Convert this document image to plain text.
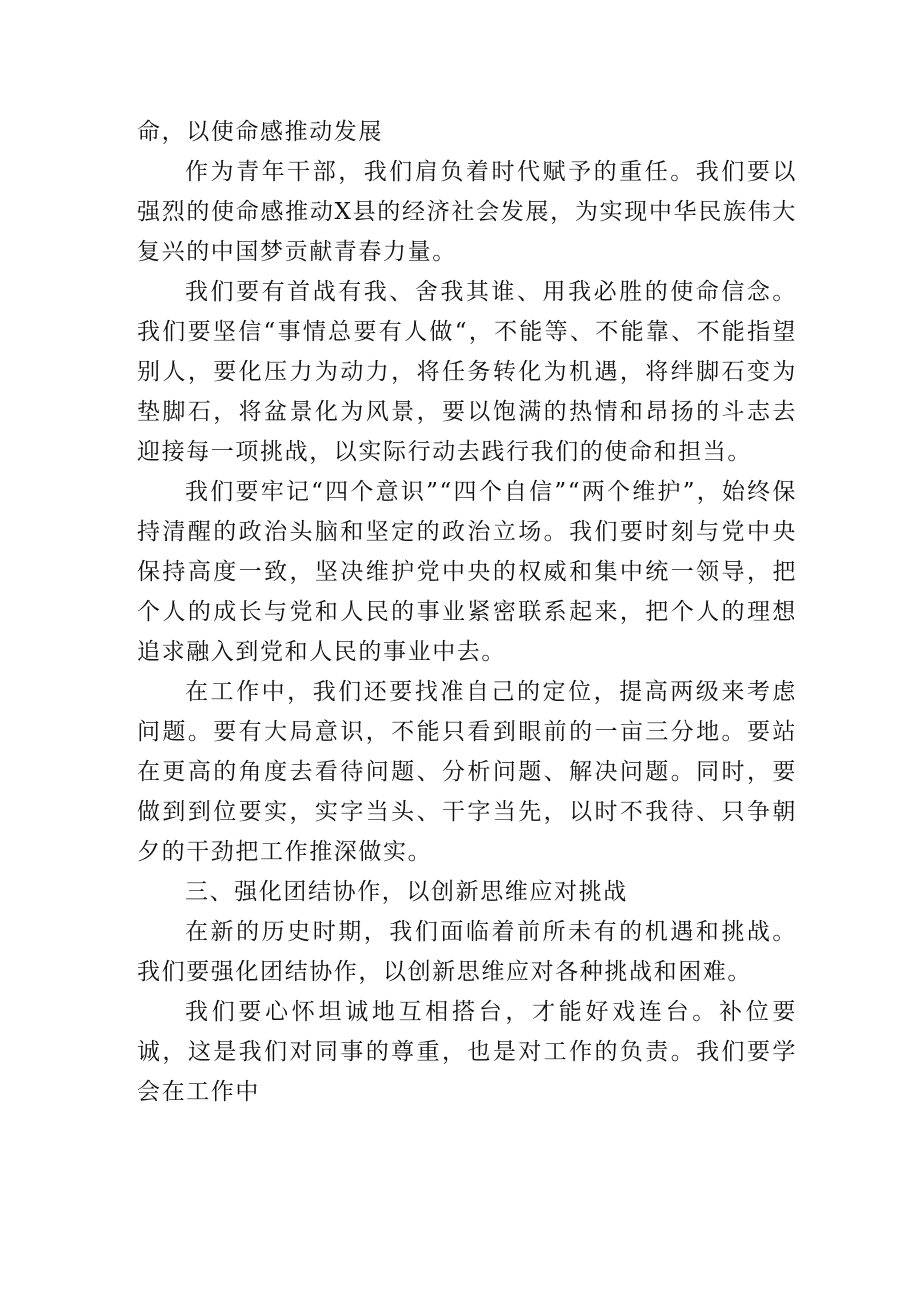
命，以使命感推动发展

作为青年干部，我们肩负着时代赋予的重任。我们要以强烈的使命感推动X县的经济社会发展，为实现中华民族伟大复兴的中国梦贡献青春力量。

我们要有首战有我、舍我其谁、用我必胜的使命信念。我们要坚信“事情总要有人做“，不能等、不能靠、不能指望别人，要化压力为动力，将任务转化为机遇，将绊脚石变为垫脚石，将盆景化为风景，要以饱满的热情和昂扬的斗志去迎接每一项挑战，以实际行动去践行我们的使命和担当。

我们要牢记“四个意识”“四个自信”“两个维护”，始终保持清醒的政治头脑和坚定的政治立场。我们要时刻与党中央保持高度一致，坚决维护党中央的权威和集中统一领导，把个人的成长与党和人民的事业紧密联系起来，把个人的理想追求融入到党和人民的事业中去。

在工作中，我们还要找准自己的定位，提高两级来考虑问题。要有大局意识，不能只看到眼前的一亩三分地。要站在更高的角度去看待问题、分析问题、解决问题。同时，要做到到位要实，实字当头、干字当先，以时不我待、只争朝夕的干劲把工作推深做实。

三、强化团结协作，以创新思维应对挑战

在新的历史时期，我们面临着前所未有的机遇和挑战。我们要强化团结协作，以创新思维应对各种挑战和困难。

我们要心怀坦诚地互相搭台，才能好戏连台。补位要诚，这是我们对同事的尊重，也是对工作的负责。我们要学会在工作中
